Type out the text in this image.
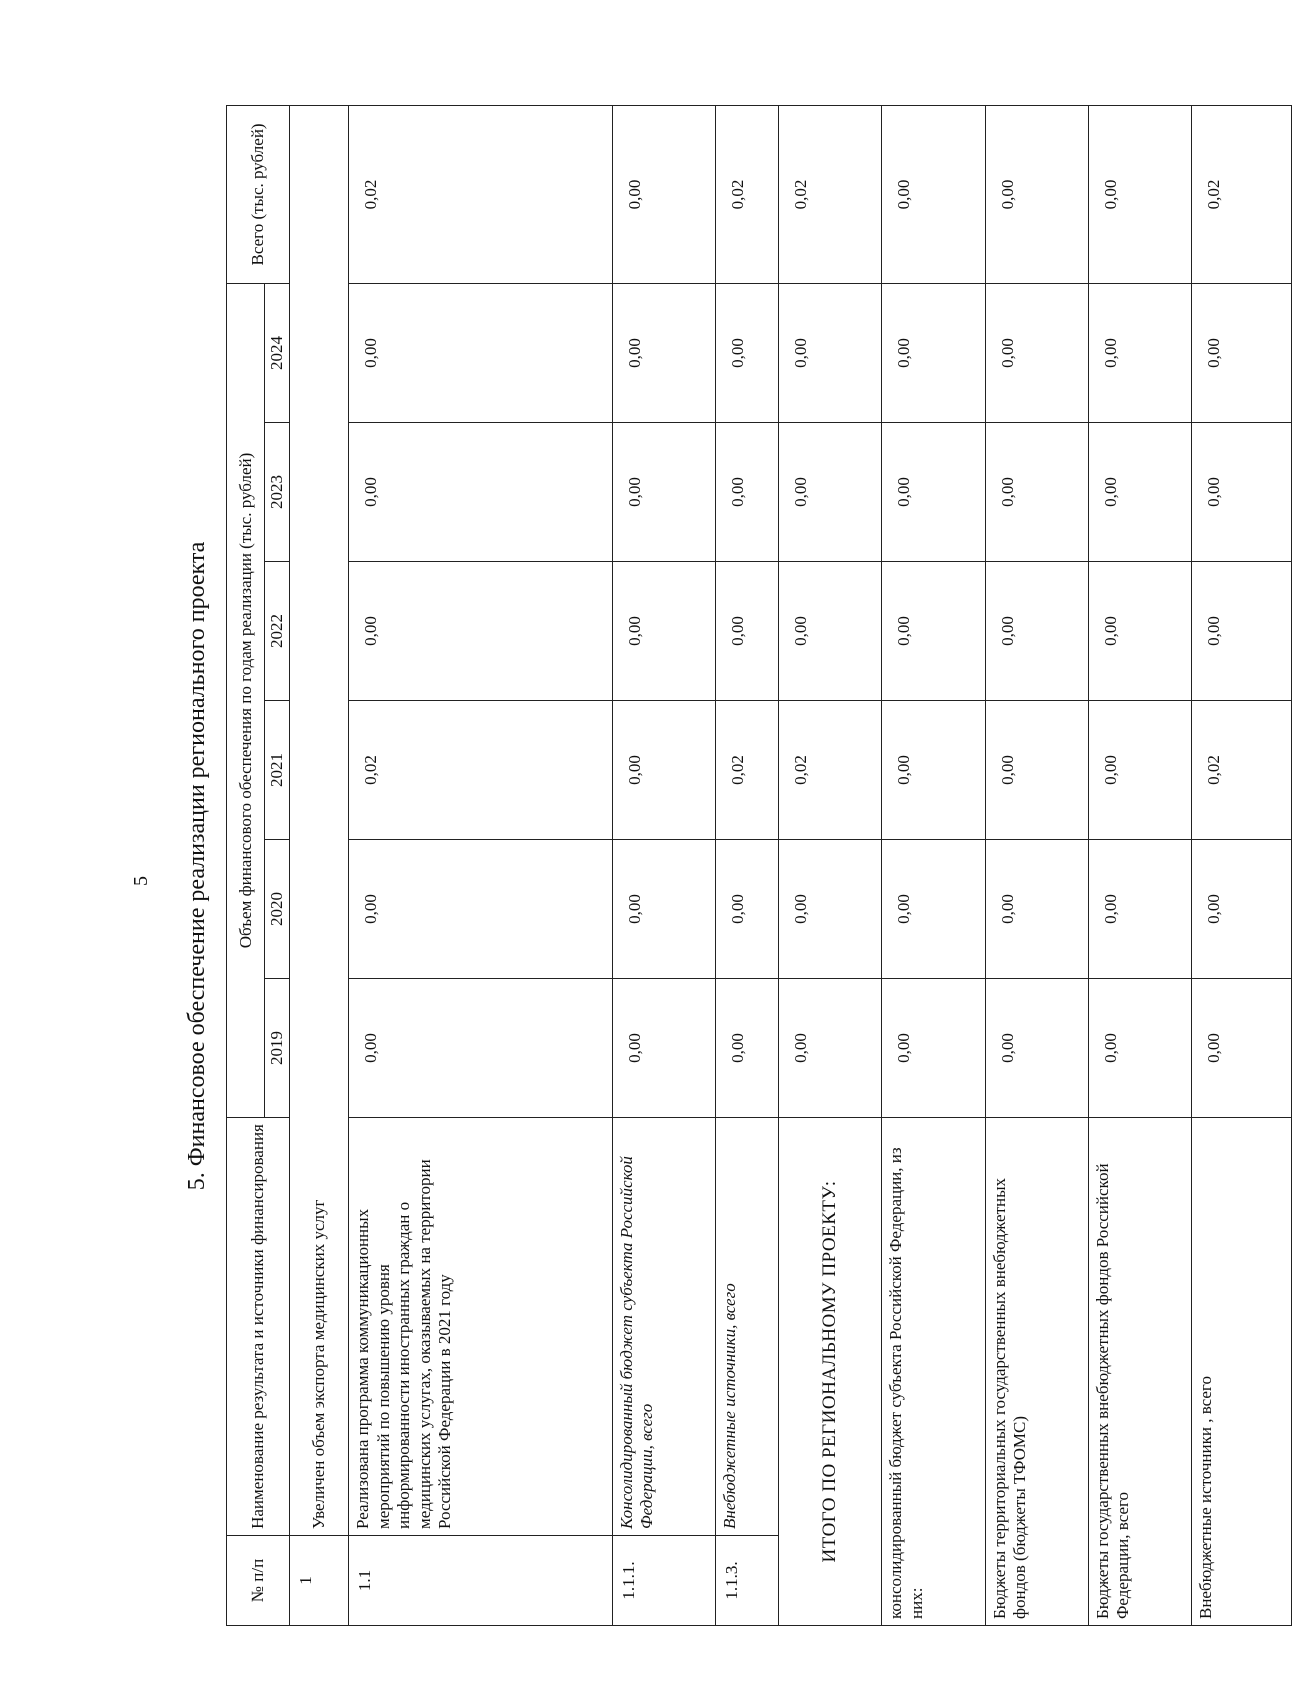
5 5. Финансовое обеспечение реализации регионального проекта
№ п/п	Наименование результата и источники финансирования	Объем финансового обеспечения по годам реализации (тыс. рублей)						Всего (тыс. рублей)
		2019	2020	2021	2022	2023	2024	
1	Увеличен объем экспорта медицинских услуг							
1.1	Реализована программа коммуникационных мероприятий по повышению уровня информированности иностранных граждан о медицинских услугах, оказываемых на территории Российской Федерации в 2021 году	0,00	0,00	0,02	0,00	0,00	0,00	0,02
1.1.1.	Консолидированный бюджет субъекта Российской Федерации, всего	0,00	0,00	0,00	0,00	0,00	0,00	0,00
1.1.3.	Внебюджетные источники, всего	0,00	0,00	0,02	0,00	0,00	0,00	0,02
ИТОГО ПО РЕГИОНАЛЬНОМУ ПРОЕКТУ:		0,00	0,00	0,02	0,00	0,00	0,00	0,02
консолидированный бюджет субъекта Российской Федерации, из них:		0,00	0,00	0,00	0,00	0,00	0,00	0,00
Бюджеты территориальных государственных внебюджетных фондов (бюджеты ТФОМС)		0,00	0,00	0,00	0,00	0,00	0,00	0,00
Бюджеты государственных внебюджетных фондов Российской Федерации, всего		0,00	0,00	0,00	0,00	0,00	0,00	0,00
Внебюджетные источники , всего		0,00	0,00	0,02	0,00	0,00	0,00	0,02
